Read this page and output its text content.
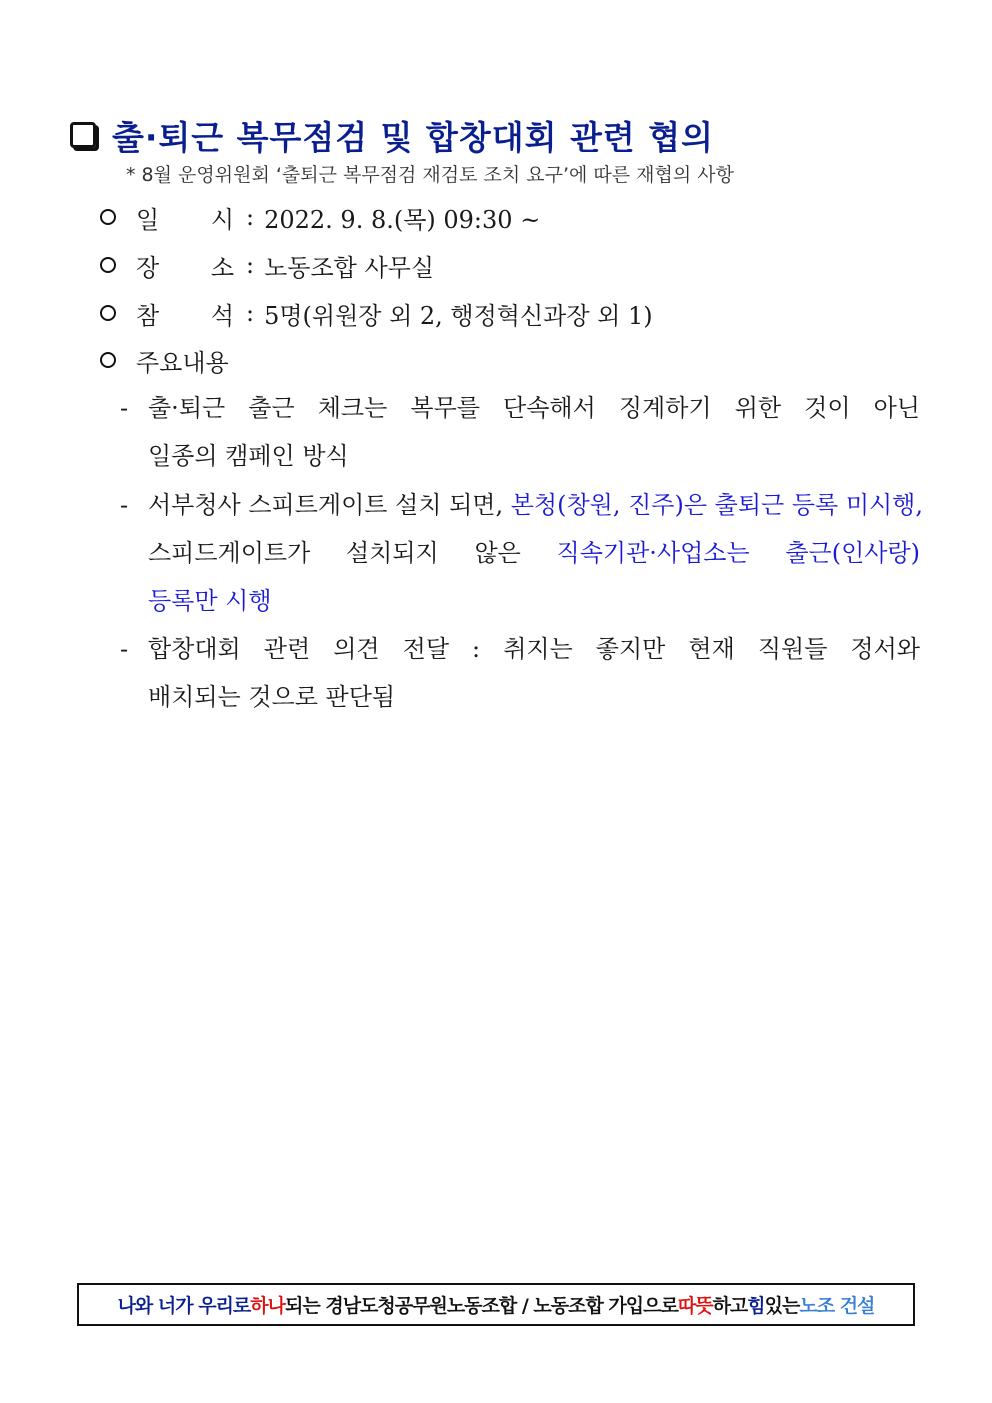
출·퇴근 복무점검 및 합창대회 관련 협의
* 8월 운영위원회 ‘출퇴근 복무점검 재검토 조치 요구’에 따른 재협의 사항
일 시 : 2022. 9. 8.(목) 09:30 ~
장 소 : 노동조합 사무실
참 석 : 5명(위원장 외 2, 행정혁신과장 외 1)
주요내용
- 출·퇴근 출근 체크는 복무를 단속해서 징계하기 위한 것이 아닌
일종의 캠페인 방식
- 서부청사 스피트게이트 설치 되면, 본청(창원, 진주)은 출퇴근 등록 미시행,
스피드게이트가 설치되지 않은 직속기관·사업소는 출근(인사랑)
등록만 시행
- 합창대회 관련 의견 전달 : 취지는 좋지만 현재 직원들 정서와
배치되는 것으로 판단됨
나와 너가 우리로 하나 되는 경남도청공무원노동조합 / 노동조합 가입으로 따뜻 하고 힘 있는 노조 건설
